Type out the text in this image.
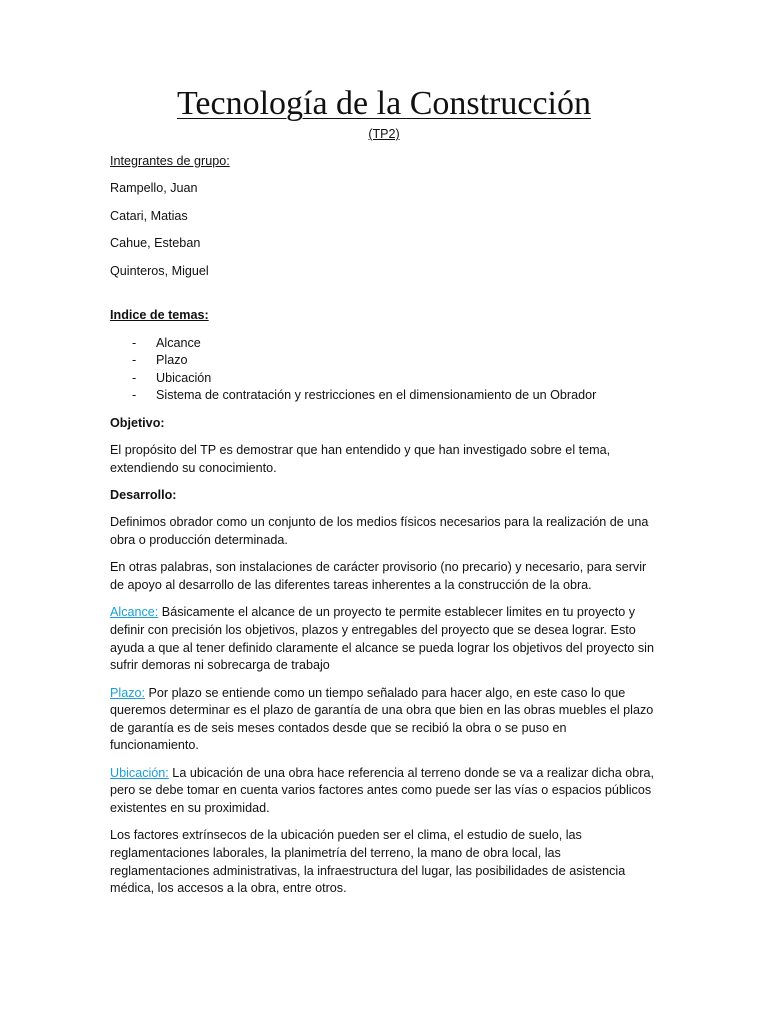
Tecnología de la Construcción
(TP2)

Integrantes de grupo:

Rampello, Juan

Catari, Matias

Cahue, Esteban

Quinteros, Miguel

Indice de temas:

- Alcance
- Plazo
- Ubicación
- Sistema de contratación y restricciones en el dimensionamiento de un Obrador

Objetivo:

El propósito del TP es demostrar que han entendido y que han investigado sobre el tema, extendiendo su conocimiento.

Desarrollo:

Definimos obrador como un conjunto de los medios físicos necesarios para la realización de una obra o producción determinada.

En otras palabras, son instalaciones de carácter provisorio (no precario) y necesario, para servir de apoyo al desarrollo de las diferentes tareas inherentes a la construcción de la obra.

Alcance: Básicamente el alcance de un proyecto te permite establecer limites en tu proyecto y definir con precisión los objetivos, plazos y entregables del proyecto que se desea lograr. Esto ayuda a que al tener definido claramente el alcance se pueda lograr los objetivos del proyecto sin sufrir demoras ni sobrecarga de trabajo

Plazo: Por plazo se entiende como un tiempo señalado para hacer algo, en este caso lo que queremos determinar es el plazo de garantía de una obra que bien en las obras muebles el plazo de garantía es de seis meses contados desde que se recibió la obra o se puso en funcionamiento.

Ubicación: La ubicación de una obra hace referencia al terreno donde se va a realizar dicha obra, pero se debe tomar en cuenta varios factores antes como puede ser las vías o espacios públicos existentes en su proximidad.

Los factores extrínsecos de la ubicación pueden ser el clima, el estudio de suelo, las reglamentaciones laborales, la planimetría del terreno, la mano de obra local, las reglamentaciones administrativas, la infraestructura del lugar, las posibilidades de asistencia médica, los accesos a la obra, entre otros.
